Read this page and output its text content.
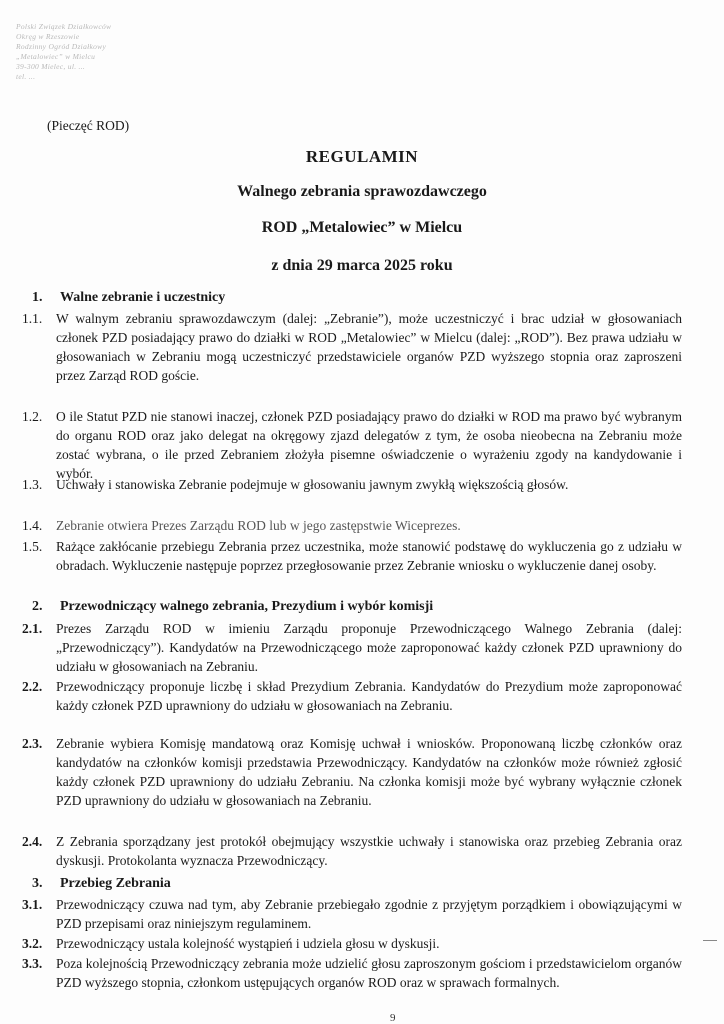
Polski Związek Działkowców
Okręg w Rzeszowie
Rodzinny Ogród Działkowy
„Metalowiec” w Mielcu
39-300 Mielec, ul. ...
tel. ...
(Pieczęć ROD)
REGULAMIN
Walnego zebrania sprawozdawczego
ROD „Metalowiec” w Mielcu
z dnia 29 marca 2025 roku
1. Walne zebranie i uczestnicy
1.1.	W walnym zebraniu sprawozdawczym (dalej: „Zebranie”), może uczestniczyć i brac udział w głosowaniach członek PZD posiadający prawo do działki w ROD „Metalowiec” w Mielcu (dalej: „ROD”). Bez prawa udziału w głosowaniach w Zebraniu mogą uczestniczyć przedstawiciele organów PZD wyższego stopnia oraz zaproszeni przez Zarząd ROD goście.
1.2.	O ile Statut PZD nie stanowi inaczej, członek PZD posiadający prawo do działki w ROD ma prawo być wybranym do organu ROD oraz jako delegat na okręgowy zjazd delegatów z tym, że osoba nieobecna na Zebraniu może zostać wybrana, o ile przed Zebraniem złożyła pisemne oświadczenie o wyrażeniu zgody na kandydowanie i wybór.
1.3.	Uchwały i stanowiska Zebranie podejmuje w głosowaniu jawnym zwykłą większością głosów.
1.4.	Zebranie otwiera Prezes Zarządu ROD lub w jego zastępstwie Wiceprezes.
1.5.	Rażące zakłócanie przebiegu Zebrania przez uczestnika, może stanowić podstawę do wykluczenia go z udziału w obradach. Wykluczenie następuje poprzez przegłosowanie przez Zebranie wniosku o wykluczenie danej osoby.
2. Przewodniczący walnego zebrania, Prezydium i wybór komisji
2.1.	Prezes Zarządu ROD w imieniu Zarządu proponuje Przewodniczącego Walnego Zebrania (dalej: „Przewodniczący”). Kandydatów na Przewodniczącego może zaproponować każdy członek PZD uprawniony do udziału w głosowaniach na Zebraniu.
2.2.	Przewodniczący proponuje liczbę i skład Prezydium Zebrania. Kandydatów do Prezydium może zaproponować każdy członek PZD uprawniony do udziału w głosowaniach na Zebraniu.
2.3.	Zebranie wybiera Komisję mandatową oraz Komisję uchwał i wniosków. Proponowaną liczbę członków oraz kandydatów na członków komisji przedstawia Przewodniczący. Kandydatów na członków może również zgłosić każdy członek PZD uprawniony do udziału Zebraniu. Na członka komisji może być wybrany wyłącznie członek PZD uprawniony do udziału w głosowaniach na Zebraniu.
2.4.	Z Zebrania sporządzany jest protokół obejmujący wszystkie uchwały i stanowiska oraz przebieg Zebrania oraz dyskusji. Protokolanta wyznacza Przewodniczący.
3. Przebieg Zebrania
3.1.	Przewodniczący czuwa nad tym, aby Zebranie przebiegało zgodnie z przyjętym porządkiem i obowiązującymi w PZD przepisami oraz niniejszym regulaminem.
3.2.	Przewodniczący ustala kolejność wystąpień i udziela głosu w dyskusji.
3.3.	Poza kolejnością Przewodniczący zebrania może udzielić głosu zaproszonym gościom i przedstawicielom organów PZD wyższego stopnia, członkom ustępujących organów ROD oraz w sprawach formalnych.
9
